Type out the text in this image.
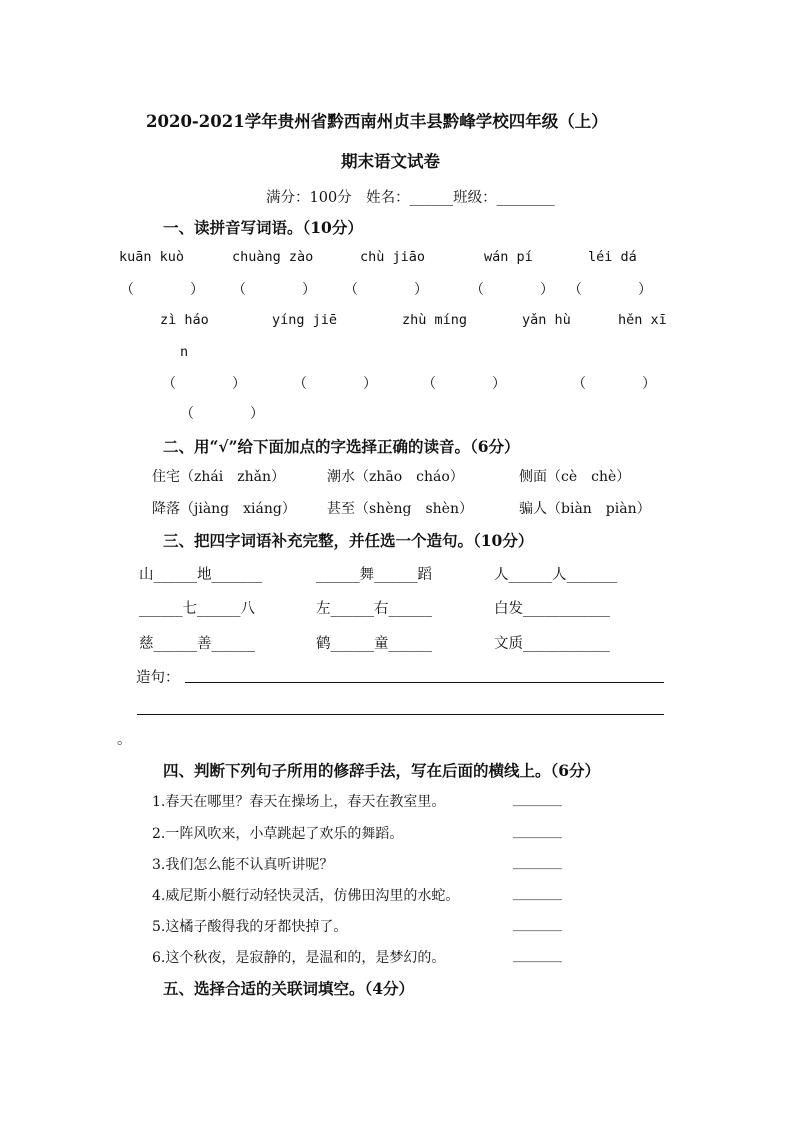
2020-2021学年贵州省黔西南州贞丰县黔峰学校四年级（上）
期末语文试卷
满分：100分　姓名：______班级：________
一、读拼音写词语。（10分）
kuān kuò	chuàng zào	chù jiāo	wán pí	léi dá
（　　　　） （　　　　） （　　　　）	（　　　　） （　　　　）
zì háo	yíng jiē	zhù míng	yǎn hù	hěn xī
n
（　　　　）	（　　　　）	（　　　　）	（　　　　）
（　　　　）
二、用“√”给下面加点的字选择正确的读音。（6分）
住宅（zhái　zhǎn）	潮水（zhāo　cháo）	侧面（cè　chè）
降落（jiàng　xiáng） 甚至（shèng　shèn）	骗人（biàn　piàn）
三、把四字词语补充完整，并任选一个造句。（10分）
山______地_______	______舞______蹈	人______人_______
______七______八	左______右______	白发____________
慈______善______	鹤______童______	文质____________
造句：
。
四、判断下列句子所用的修辞手法，写在后面的横线上。（6分）
1.春天在哪里？春天在操场上，春天在教室里。	_______
2.一阵风吹来，小草跳起了欢乐的舞蹈。	_______
3.我们怎么能不认真听讲呢？	_______
4.威尼斯小艇行动轻快灵活，仿佛田沟里的水蛇。	_______
5.这橘子酸得我的牙都快掉了。	_______
6.这个秋夜，是寂静的，是温和的，是梦幻的。	_______
五、选择合适的关联词填空。（4分）
